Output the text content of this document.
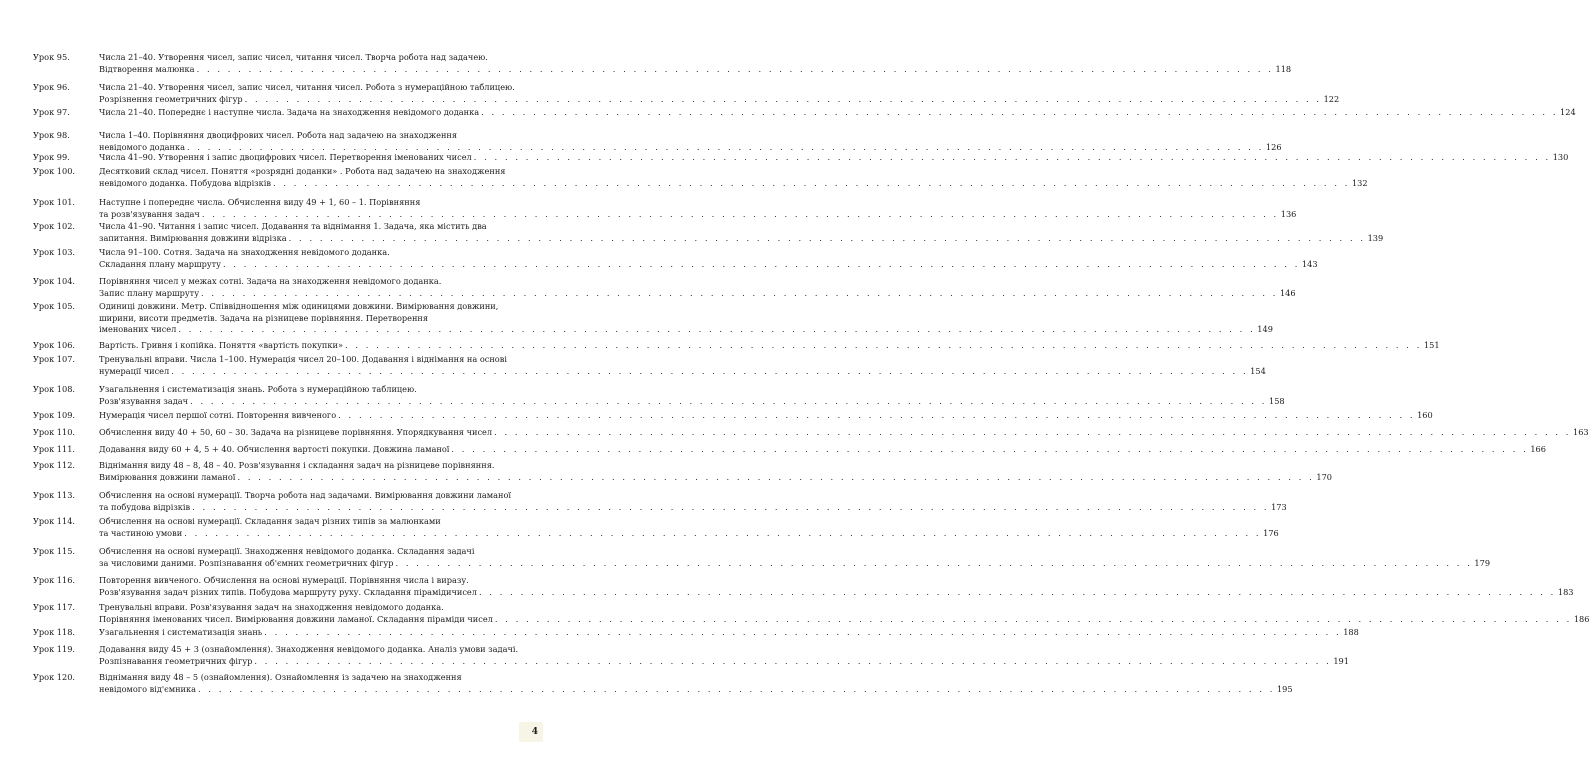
Урок 95.	Числа 21–40. Утворення чисел, запис чисел, читання чисел. Творча робота над задачею.
Відтворення малюнка . . . . . . . . . . . . . . . . . . . . . . . . . . . . . . . . . . . . . . . . . . . . . . . . . . . . . . . . . . . . . . . . . . . . . . . . . . . . . . . . . . . . . . . . . . . . . . . . . . . . . . . . 118
Урок 96.	Числа 21–40. Утворення чисел, запис чисел, читання чисел. Робота з нумераційною таблицею.
Розрізнення геометричних фігур . . . . . . . . . . . . . . . . . . . . . . . . . . . . . . . . . . . . . . . . . . . . . . . . . . . . . . . . . . . . . . . . . . . . . . . . . . . . . . . . . . . . . . . . . . . . . . . . . . . . . . . . 122
Урок 97.	Числа 21–40. Попереднє і наступне числа. Задача на знаходження невідомого доданка . . . . . . . . . . . . . . . . . . . . . . . . . . . . . . . . . . . . . . . . . . . . . . . . . . . . . . . . . . . . . . . . . . . . . . . . . . . . . . . . . . . . . . . . . . . . . . . . . . . . . . . . 124
Урок 98.	Числа 1–40. Порівняння двоцифрових чисел. Робота над задачею на знаходження
невідомого доданка . . . . . . . . . . . . . . . . . . . . . . . . . . . . . . . . . . . . . . . . . . . . . . . . . . . . . . . . . . . . . . . . . . . . . . . . . . . . . . . . . . . . . . . . . . . . . . . . . . . . . . . . 126
Урок 99.	Числа 41–90. Утворення і запис двоцифрових чисел. Перетворення іменованих чисел . . . . . . . . . . . . . . . . . . . . . . . . . . . . . . . . . . . . . . . . . . . . . . . . . . . . . . . . . . . . . . . . . . . . . . . . . . . . . . . . . . . . . . . . . . . . . . . . . . . . . . . . 130
Урок 100.	Десятковий склад чисел. Поняття «розрядні доданки» . Робота над задачею на знаходження
невідомого доданка. Побудова відрізків . . . . . . . . . . . . . . . . . . . . . . . . . . . . . . . . . . . . . . . . . . . . . . . . . . . . . . . . . . . . . . . . . . . . . . . . . . . . . . . . . . . . . . . . . . . . . . . . . . . . . . . . 132
Урок 101.	Наступне і попереднє числа. Обчислення виду 49 + 1, 60 – 1. Порівняння
та розв'язування задач . . . . . . . . . . . . . . . . . . . . . . . . . . . . . . . . . . . . . . . . . . . . . . . . . . . . . . . . . . . . . . . . . . . . . . . . . . . . . . . . . . . . . . . . . . . . . . . . . . . . . . . . 136
Урок 102.	Числа 41–90. Читання і запис чисел. Додавання та віднімання 1. Задача, яка містить два
запитання. Вимірювання довжини відрізка . . . . . . . . . . . . . . . . . . . . . . . . . . . . . . . . . . . . . . . . . . . . . . . . . . . . . . . . . . . . . . . . . . . . . . . . . . . . . . . . . . . . . . . . . . . . . . . . . . . . . . . . 139
Урок 103.	Числа 91–100. Сотня. Задача на знаходження невідомого доданка.
Складання плану маршруту . . . . . . . . . . . . . . . . . . . . . . . . . . . . . . . . . . . . . . . . . . . . . . . . . . . . . . . . . . . . . . . . . . . . . . . . . . . . . . . . . . . . . . . . . . . . . . . . . . . . . . . . 143
Урок 104.	Порівняння чисел у межах сотні. Задача на знаходження невідомого доданка.
Запис плану маршруту . . . . . . . . . . . . . . . . . . . . . . . . . . . . . . . . . . . . . . . . . . . . . . . . . . . . . . . . . . . . . . . . . . . . . . . . . . . . . . . . . . . . . . . . . . . . . . . . . . . . . . . . 146
Урок 105.	Одиниці довжини. Метр. Співвідношення між одиницями довжини. Вимірювання довжини,
ширини, висоти предметів. Задача на різницеве порівняння. Перетворення
іменованих чисел . . . . . . . . . . . . . . . . . . . . . . . . . . . . . . . . . . . . . . . . . . . . . . . . . . . . . . . . . . . . . . . . . . . . . . . . . . . . . . . . . . . . . . . . . . . . . . . . . . . . . . . . 149
Урок 106.	Вартість. Гривня і копійка. Поняття «вартість покупки» . . . . . . . . . . . . . . . . . . . . . . . . . . . . . . . . . . . . . . . . . . . . . . . . . . . . . . . . . . . . . . . . . . . . . . . . . . . . . . . . . . . . . . . . . . . . . . . . . . . . . . . . 151
Урок 107.	Тренувальні вправи. Числа 1–100. Нумерація чисел 20–100. Додавання і віднімання на основі
нумерації чисел . . . . . . . . . . . . . . . . . . . . . . . . . . . . . . . . . . . . . . . . . . . . . . . . . . . . . . . . . . . . . . . . . . . . . . . . . . . . . . . . . . . . . . . . . . . . . . . . . . . . . . . . 154
Урок 108.	Узагальнення і систематизація знань. Робота з нумераційною таблицею.
Розв'язування задач . . . . . . . . . . . . . . . . . . . . . . . . . . . . . . . . . . . . . . . . . . . . . . . . . . . . . . . . . . . . . . . . . . . . . . . . . . . . . . . . . . . . . . . . . . . . . . . . . . . . . . . . 158
Урок 109.	Нумерація чисел першої сотні. Повторення вивченого . . . . . . . . . . . . . . . . . . . . . . . . . . . . . . . . . . . . . . . . . . . . . . . . . . . . . . . . . . . . . . . . . . . . . . . . . . . . . . . . . . . . . . . . . . . . . . . . . . . . . . . . 160
Урок 110.	Обчислення виду 40 + 50, 60 – 30. Задача на різницеве порівняння. Упорядкування чисел . . . . . . . . . . . . . . . . . . . . . . . . . . . . . . . . . . . . . . . . . . . . . . . . . . . . . . . . . . . . . . . . . . . . . . . . . . . . . . . . . . . . . . . . . . . . . . . . . . . . . . . . 163
Урок 111.	Додавання виду 60 + 4, 5 + 40. Обчислення вартості покупки. Довжина ламаної . . . . . . . . . . . . . . . . . . . . . . . . . . . . . . . . . . . . . . . . . . . . . . . . . . . . . . . . . . . . . . . . . . . . . . . . . . . . . . . . . . . . . . . . . . . . . . . . . . . . . . . . 166
Урок 112.	Віднімання виду 48 – 8, 48 – 40. Розв'язування і складання задач на різницеве порівняння.
Вимірювання довжини ламаної . . . . . . . . . . . . . . . . . . . . . . . . . . . . . . . . . . . . . . . . . . . . . . . . . . . . . . . . . . . . . . . . . . . . . . . . . . . . . . . . . . . . . . . . . . . . . . . . . . . . . . . . 170
Урок 113.	Обчислення на основі нумерації. Творча робота над задачами. Вимірювання довжини ламаної
та побудова відрізків . . . . . . . . . . . . . . . . . . . . . . . . . . . . . . . . . . . . . . . . . . . . . . . . . . . . . . . . . . . . . . . . . . . . . . . . . . . . . . . . . . . . . . . . . . . . . . . . . . . . . . . . 173
Урок 114.	Обчислення на основі нумерації. Складання задач різних типів за малюнками
та частиною умови . . . . . . . . . . . . . . . . . . . . . . . . . . . . . . . . . . . . . . . . . . . . . . . . . . . . . . . . . . . . . . . . . . . . . . . . . . . . . . . . . . . . . . . . . . . . . . . . . . . . . . . . 176
Урок 115.	Обчислення на основі нумерації. Знаходження невідомого доданка. Складання задачі
за числовими даними. Розпізнавання об'ємних геометричних фігур . . . . . . . . . . . . . . . . . . . . . . . . . . . . . . . . . . . . . . . . . . . . . . . . . . . . . . . . . . . . . . . . . . . . . . . . . . . . . . . . . . . . . . . . . . . . . . . . . . . . . . . . 179
Урок 116.	Повторення вивченого. Обчислення на основі нумерації. Порівняння числа і виразу.
Розв'язування задач різних типів. Побудова маршруту руху. Складання пірамідичисел . . . . . . . . . . . . . . . . . . . . . . . . . . . . . . . . . . . . . . . . . . . . . . . . . . . . . . . . . . . . . . . . . . . . . . . . . . . . . . . . . . . . . . . . . . . . . . . . . . . . . . . . 183
Урок 117.	Тренувальні вправи. Розв'язування задач на знаходження невідомого доданка.
Порівняння іменованих чисел. Вимірювання довжини ламаної. Складання піраміди чисел . . . . . . . . . . . . . . . . . . . . . . . . . . . . . . . . . . . . . . . . . . . . . . . . . . . . . . . . . . . . . . . . . . . . . . . . . . . . . . . . . . . . . . . . . . . . . . . . . . . . . . . . 186
Урок 118.	Узагальнення і систематизація знань . . . . . . . . . . . . . . . . . . . . . . . . . . . . . . . . . . . . . . . . . . . . . . . . . . . . . . . . . . . . . . . . . . . . . . . . . . . . . . . . . . . . . . . . . . . . . . . . . . . . . . . . 188
Урок 119.	Додавання виду 45 + 3 (ознайомлення). Знаходження невідомого доданка. Аналіз умови задачі.
Розпізнавання геометричних фігур . . . . . . . . . . . . . . . . . . . . . . . . . . . . . . . . . . . . . . . . . . . . . . . . . . . . . . . . . . . . . . . . . . . . . . . . . . . . . . . . . . . . . . . . . . . . . . . . . . . . . . . . 191
Урок 120.	Віднімання виду 48 – 5 (ознайомлення). Ознайомлення із задачею на знаходження
невідомого від'ємника . . . . . . . . . . . . . . . . . . . . . . . . . . . . . . . . . . . . . . . . . . . . . . . . . . . . . . . . . . . . . . . . . . . . . . . . . . . . . . . . . . . . . . . . . . . . . . . . . . . . . . . . 195
4
